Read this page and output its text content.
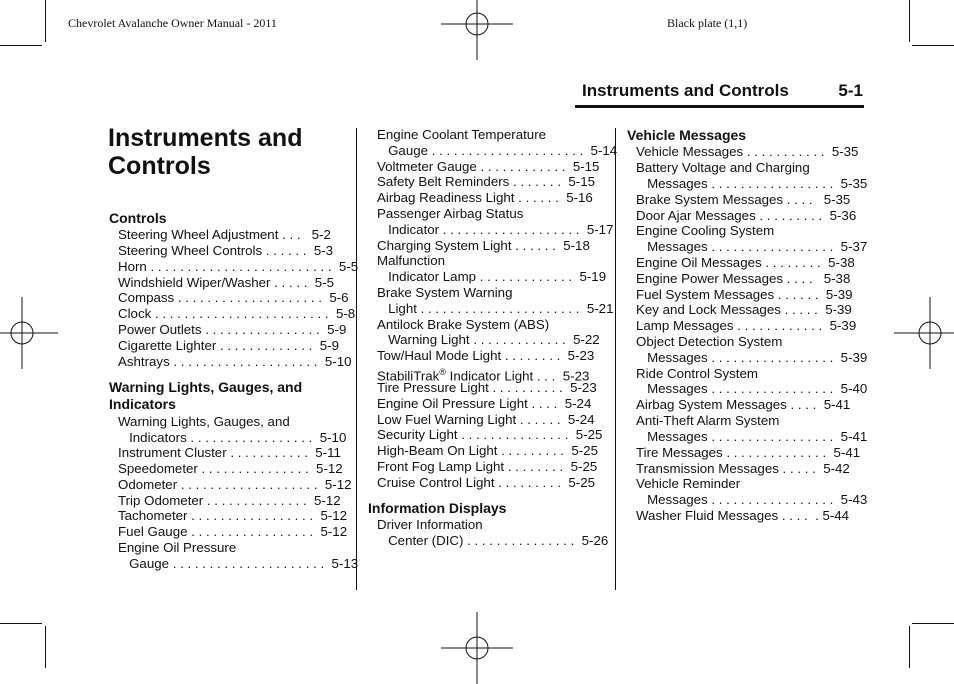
Chevrolet Avalanche Owner Manual - 2011	Black plate (1,1)
Instruments and Controls	5-1
Instruments and
Controls
Controls
Steering Wheel Adjustment . . .   5-2
Steering Wheel Controls . . . . . .  5-3
Horn . . . . . . . . . . . . . . . . . . . . . . . . .  5-5
Windshield Wiper/Washer . . . . .  5-5
Compass . . . . . . . . . . . . . . . . . . . .  5-6
Clock . . . . . . . . . . . . . . . . . . . . . . . .  5-8
Power Outlets . . . . . . . . . . . . . . . .  5-9
Cigarette Lighter . . . . . . . . . . . . .  5-9
Ashtrays . . . . . . . . . . . . . . . . . . . .  5-10
Warning Lights, Gauges, and
Indicators
Warning Lights, Gauges, and
Indicators . . . . . . . . . . . . . . . . .  5-10
Instrument Cluster . . . . . . . . . . .  5-11
Speedometer . . . . . . . . . . . . . . .  5-12
Odometer . . . . . . . . . . . . . . . . . . .  5-12
Trip Odometer . . . . . . . . . . . . . .  5-12
Tachometer . . . . . . . . . . . . . . . . .  5-12
Fuel Gauge . . . . . . . . . . . . . . . . .  5-12
Engine Oil Pressure
Gauge . . . . . . . . . . . . . . . . . . . . .  5-13
Engine Coolant Temperature
Gauge . . . . . . . . . . . . . . . . . . . . .  5-14
Voltmeter Gauge . . . . . . . . . . . .  5-15
Safety Belt Reminders . . . . . . .  5-15
Airbag Readiness Light . . . . . .  5-16
Passenger Airbag Status
Indicator . . . . . . . . . . . . . . . . . . .  5-17
Charging System Light . . . . . .  5-18
Malfunction
Indicator Lamp . . . . . . . . . . . . .  5-19
Brake System Warning
Light . . . . . . . . . . . . . . . . . . . . . .  5-21
Antilock Brake System (ABS)
Warning Light . . . . . . . . . . . . .  5-22
Tow/Haul Mode Light . . . . . . . .  5-23
StabiliTrak® Indicator Light . . .  5-23
Tire Pressure Light . . . . . . . . . .  5-23
Engine Oil Pressure Light . . . .  5-24
Low Fuel Warning Light . . . . . .  5-24
Security Light . . . . . . . . . . . . . . .  5-25
High-Beam On Light . . . . . . . . .  5-25
Front Fog Lamp Light . . . . . . . .  5-25
Cruise Control Light . . . . . . . . .  5-25
Information Displays
Driver Information
Center (DIC) . . . . . . . . . . . . . . .  5-26
Vehicle Messages
Vehicle Messages . . . . . . . . . . .  5-35
Battery Voltage and Charging
Messages . . . . . . . . . . . . . . . . .  5-35
Brake System Messages . . . .   5-35
Door Ajar Messages . . . . . . . . .  5-36
Engine Cooling System
Messages . . . . . . . . . . . . . . . . .  5-37
Engine Oil Messages . . . . . . . .  5-38
Engine Power Messages . . . .   5-38
Fuel System Messages . . . . . .  5-39
Key and Lock Messages . . . . .  5-39
Lamp Messages . . . . . . . . . . . .  5-39
Object Detection System
Messages . . . . . . . . . . . . . . . . .  5-39
Ride Control System
Messages . . . . . . . . . . . . . . . . .  5-40
Airbag System Messages . . . .  5-41
Anti-Theft Alarm System
Messages . . . . . . . . . . . . . . . . .  5-41
Tire Messages . . . . . . . . . . . . . .  5-41
Transmission Messages . . . . .  5-42
Vehicle Reminder
Messages . . . . . . . . . . . . . . . . .  5-43
Washer Fluid Messages . . . .  . 5-44
